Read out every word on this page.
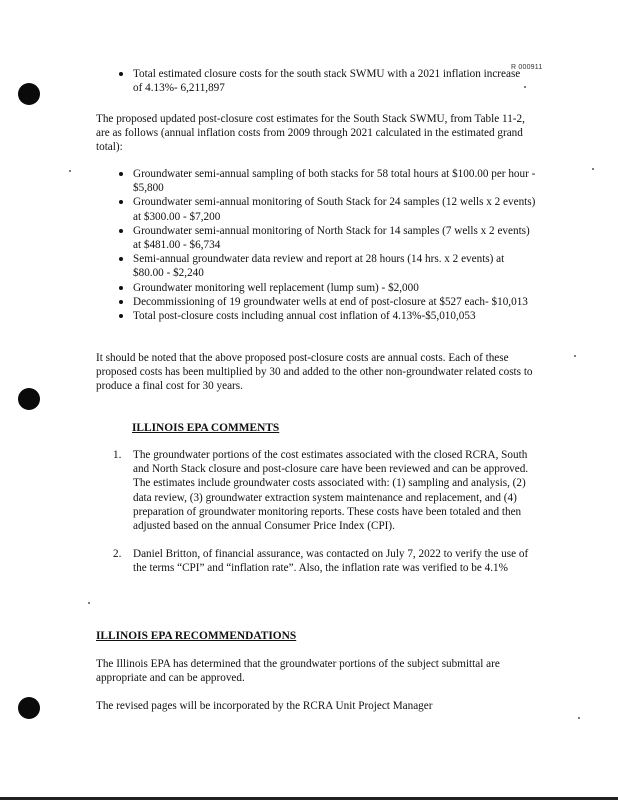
R 000911
Total estimated closure costs for the south stack SWMU with a 2021 inflation increase of 4.13%- 6,211,897

The proposed updated post-closure cost estimates for the South Stack SWMU, from Table 11-2, are as follows (annual inflation costs from 2009 through 2021 calculated in the estimated grand total):

Groundwater semi-annual sampling of both stacks for 58 total hours at $100.00 per hour - $5,800
Groundwater semi-annual monitoring of South Stack for 24 samples (12 wells x 2 events) at $300.00 - $7,200
Groundwater semi-annual monitoring of North Stack for 14 samples (7 wells x 2 events) at $481.00 - $6,734
Semi-annual groundwater data review and report at 28 hours (14 hrs. x 2 events) at $80.00 - $2,240
Groundwater monitoring well replacement (lump sum) - $2,000
Decommissioning of 19 groundwater wells at end of post-closure at $527 each- $10,013
Total post-closure costs including annual cost inflation of 4.13%-$5,010,053

It should be noted that the above proposed post-closure costs are annual costs. Each of these proposed costs has been multiplied by 30 and added to the other non-groundwater related costs to produce a final cost for 30 years.

ILLINOIS EPA COMMENTS
1. The groundwater portions of the cost estimates associated with the closed RCRA, South and North Stack closure and post-closure care have been reviewed and can be approved. The estimates include groundwater costs associated with: (1) sampling and analysis, (2) data review, (3) groundwater extraction system maintenance and replacement, and (4) preparation of groundwater monitoring reports. These costs have been totaled and then adjusted based on the annual Consumer Price Index (CPI).
2. Daniel Britton, of financial assurance, was contacted on July 7, 2022 to verify the use of the terms “CPI” and “inflation rate”. Also, the inflation rate was verified to be 4.1%
ILLINOIS EPA RECOMMENDATIONS

The Illinois EPA has determined that the groundwater portions of the subject submittal are appropriate and can be approved.

The revised pages will be incorporated by the RCRA Unit Project Manager
